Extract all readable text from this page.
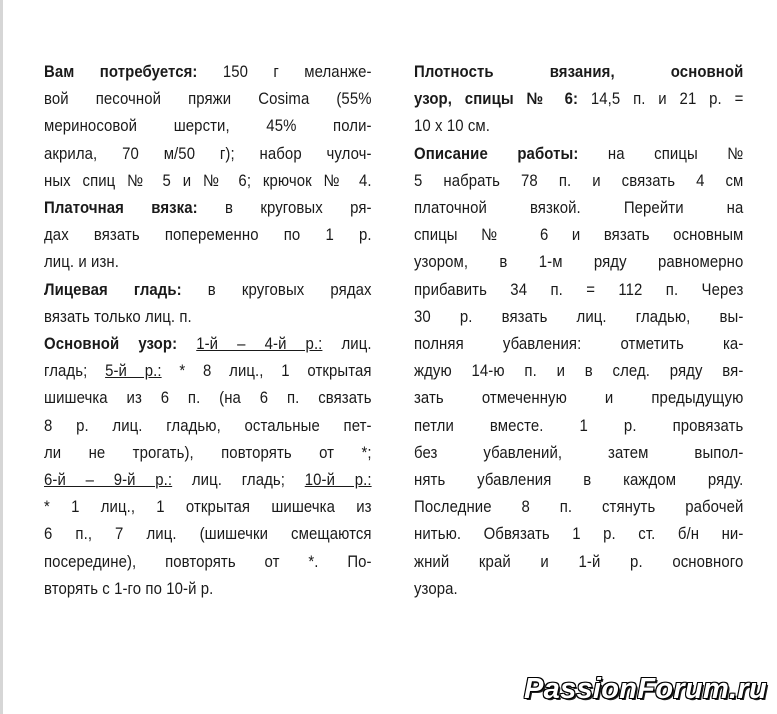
Вам потребуется: 150 г меланже-
вой песочной пряжи Cosima (55%
мериносовой шерсти, 45% поли-
акрила, 70 м/50 г); набор чулоч-
ных спиц № 5 и № 6; крючок № 4.
Платочная вязка: в круговых ря-
дах вязать попеременно по 1 р.
лиц. и изн.
Лицевая гладь: в круговых рядах
вязать только лиц. п.
Основной узор: 1-й – 4-й р.: лиц.
гладь; 5-й р.: * 8 лиц., 1 открытая
шишечка из 6 п. (на 6 п. связать
8 р. лиц. гладью, остальные пет-
ли не трогать), повторять от *;
6-й – 9-й р.: лиц. гладь; 10-й р.:
* 1 лиц., 1 открытая шишечка из
6 п., 7 лиц. (шишечки смещаются
посередине), повторять от *. По-
вторять с 1-го по 10-й р.
Плотность вязания, основной
узор, спицы № 6: 14,5 п. и 21 р. =
10 х 10 см.
Описание работы: на спицы №
5 набрать 78 п. и связать 4 см
платочной вязкой. Перейти на
спицы № 6 и вязать основным
узором, в 1-м ряду равномерно
прибавить 34 п. = 112 п. Через
30 р. вязать лиц. гладью, вы-
полняя убавления: отметить ка-
ждую 14-ю п. и в след. ряду вя-
зать отмеченную и предыдущую
петли вместе. 1 р. провязать
без убавлений, затем выпол-
нять убавления в каждом ряду.
Последние 8 п. стянуть рабочей
нитью. Обвязать 1 р. ст. б/н ни-
жний край и 1-й р. основного
узора.
PassionForum.ru
